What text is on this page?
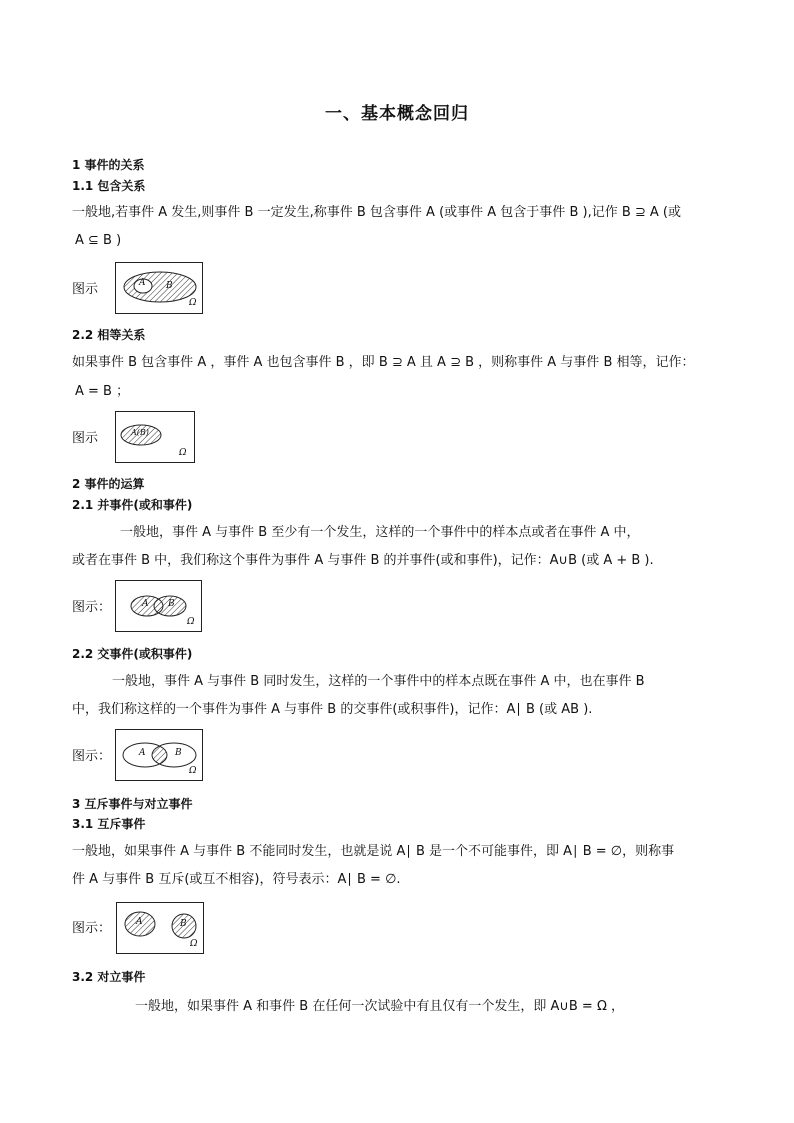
一、基本概念回归
1 事件的关系
1.1 包含关系
一般地,若事件 A 发生,则事件 B 一定发生,称事件 B 包含事件 A (或事件 A 包含于事件 B ),记作 B ⊇ A (或
A ⊆ B )
图示	A B
Ω
2.2 相等关系
如果事件 B 包含事件 A ，事件 A 也包含事件 B ，即 B ⊇ A 且 A ⊇ B ，则称事件 A 与事件 B 相等，记作：
A = B ；
图示	A(B)
Ω
2 事件的运算
2.1 并事件(或和事件)
一般地，事件 A 与事件 B 至少有一个发生，这样的一个事件中的样本点或者在事件 A 中，
或者在事件 B 中，我们称这个事件为事件 A 与事件 B 的并事件(或和事件)，记作：A∪B (或 A + B ).
图示：	A B
Ω
2.2 交事件(或积事件)
一般地，事件 A 与事件 B 同时发生，这样的一个事件中的样本点既在事件 A 中，也在事件 B
中，我们称这样的一个事件为事件 A 与事件 B 的交事件(或积事件)，记作：A∣ B (或 AB ).
图示：	A	B
Ω
3 互斥事件与对立事件
3.1 互斥事件
一般地，如果事件 A 与事件 B 不能同时发生，也就是说 A∣ B 是一个不可能事件，即 A∣ B = ∅，则称事
件 A 与事件 B 互斥(或互不相容)，符号表示：A∣ B = ∅.
图示：	A	B
Ω
3.2 对立事件
一般地，如果事件 A 和事件 B 在任何一次试验中有且仅有一个发生，即 A∪B = Ω ，
